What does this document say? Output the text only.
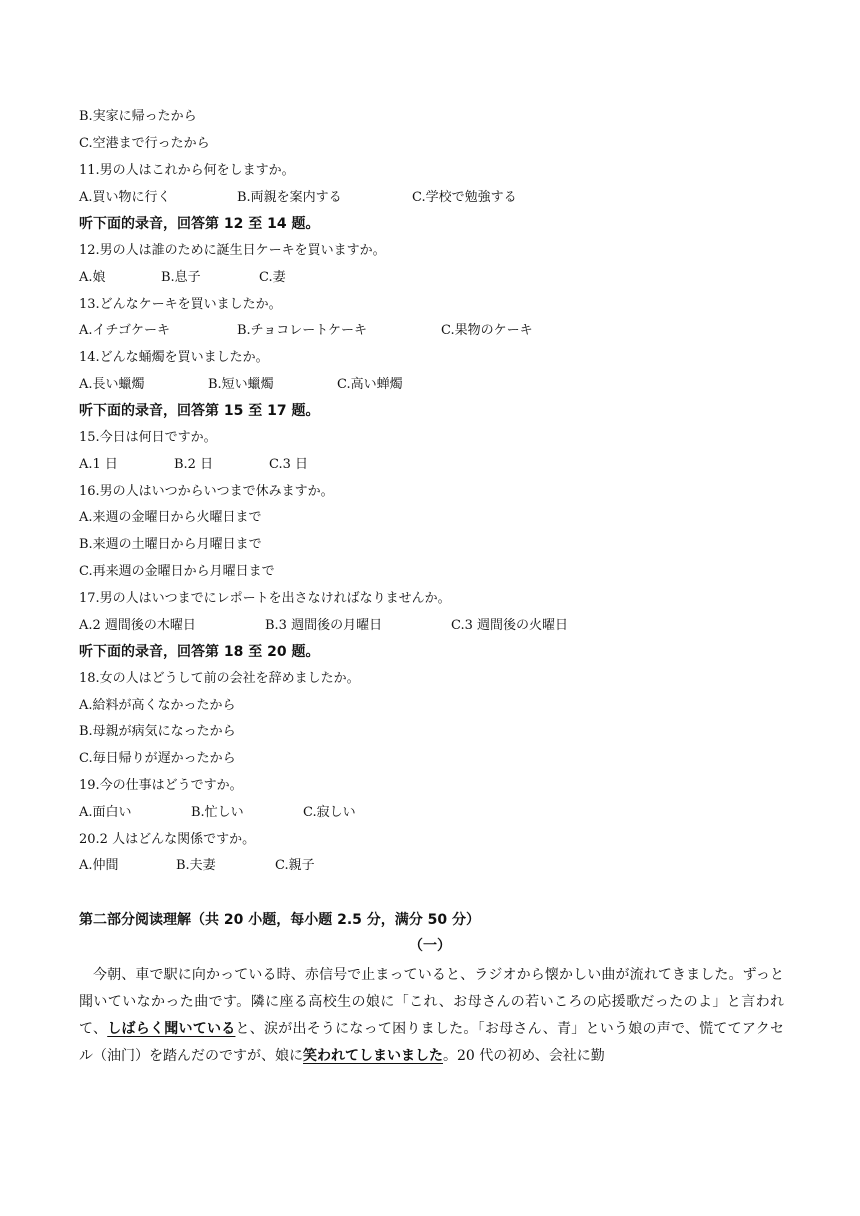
B.実家に帰ったから
C.空港まで行ったから
11.男の人はこれから何をしますか。
A.買い物に行く	B.両親を案内する	C.学校で勉強する
听下面的录音，回答第 12 至 14 题。
12.男の人は誰のために誕生日ケーキを買いますか。
A.娘	B.息子	C.妻
13.どんなケーキを買いましたか。
A.イチゴケーキ	B.チョコレートケーキ	C.果物のケーキ
14.どんな蛹燭を買いましたか。
A.長い蠟燭	B.短い蠟燭	C.高い蝉燭
听下面的录音，回答第 15 至 17 题。
15.今日は何日ですか。
A.1 日	B.2 日	C.3 日
16.男の人はいつからいつまで休みますか。
A.来週の金曜日から火曜日まで
B.来週の土曜日から月曜日まで
C.再来週の金曜日から月曜日まで
17.男の人はいつまでにレポートを出さなければなりませんか。
A.2 週間後の木曜日	B.3 週間後の月曜日	C.3 週間後の火曜日
听下面的录音，回答第 18 至 20 题。
18.女の人はどうして前の会社を辞めましたか。
A.給料が高くなかったから
B.母親が病気になったから
C.毎日帰りが遅かったから
19.今の仕事はどうですか。
A.面白い	B.忙しい	C.寂しい
20.2 人はどんな関係ですか。
A.仲間	B.夫妻	C.親子
第二部分阅读理解（共 20 小题，每小题 2.5 分，满分 50 分）
（一）

今朝、車で駅に向かっている時、赤信号で止まっていると、ラジオから懐かしい曲が流れてきました。ずっと聞いていなかった曲です。隣に座る高校生の娘に「これ、お母さんの若いころの応援歌だったのよ」と言われて、しばらく聞いていると、涙が出そうになって困りました。「お母さん、青」という娘の声で、慌ててアクセル（油门）を踏んだのですが、娘に笑われてしまいました。20 代の初め、会社に勤
